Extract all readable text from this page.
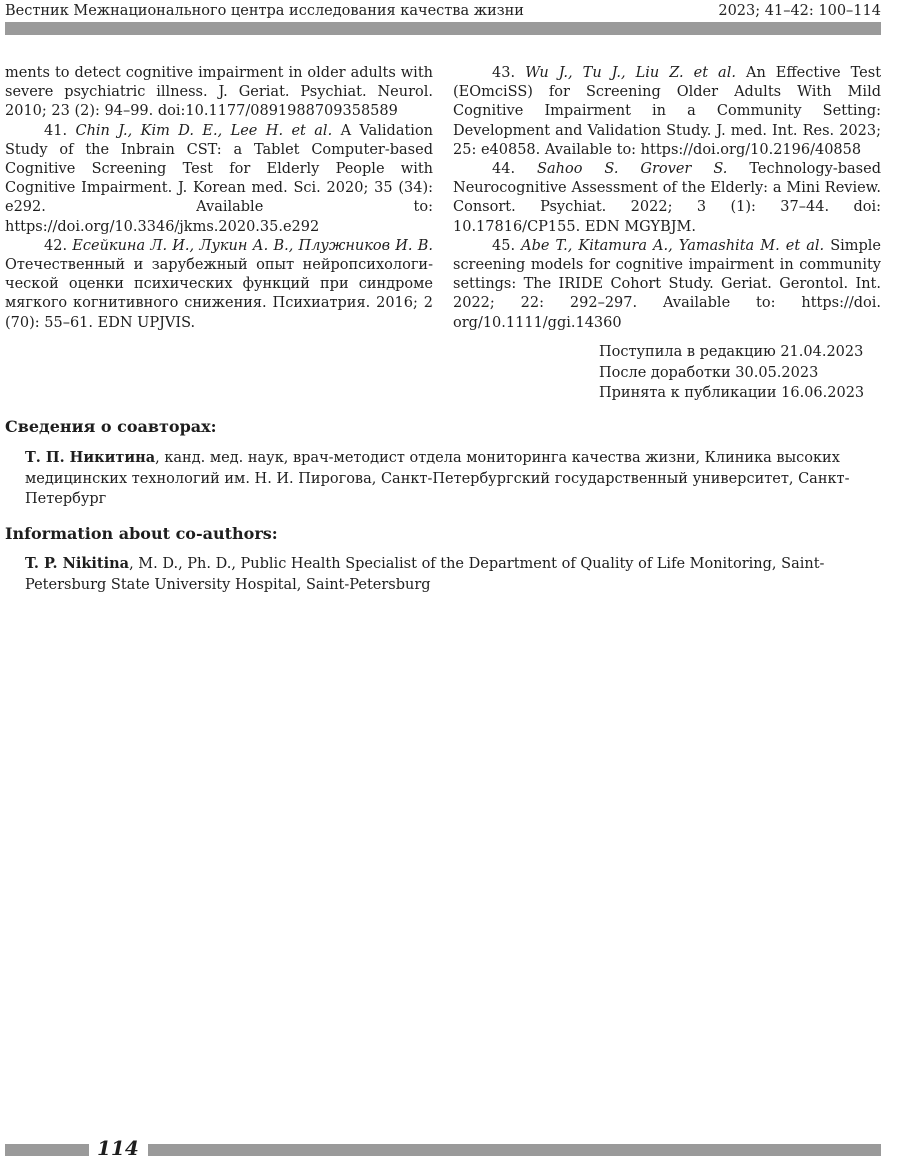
Вестник Межнационального центра исследования качества жизни	2023; 41–42: 100–114

ments to detect cognitive impairment in older adults with severe psychiatric illness. J. Geriat. Psychiat. Neurol. 2010; 23 (2): 94–99. doi:10.1177/0891988709358589

41. Chin J., Kim D. E., Lee H. et al. A Validation Study of the Inbrain CST: a Tablet Computer-based Cognitive Screening Test for Elderly People with Cognitive Impairment. J. Korean med. Sci. 2020; 35 (34): e292. Available to: https://doi.org/10.3346/jkms.2020.35.e292

42. Есейкина Л. И., Лукин А. В., Плужников И. В. Отечественный и зарубежный опыт нейропсихологической оценки психических функций при синдроме мягкого когнитивного снижения. Психиатрия. 2016; 2 (70): 55–61. EDN UPJVIS.

43. Wu J., Tu J., Liu Z. et al. An Effective Test (EOmciSS) for Screening Older Adults With Mild Cognitive Impairment in a Community Setting: Development and Validation Study. J. med. Int. Res. 2023; 25: e40858. Available to: https://doi.org/10.2196/40858

44. Sahoo S. Grover S. Technology-based Neurocognitive Assessment of the Elderly: a Mini Review. Consort. Psychiat. 2022; 3 (1): 37–44. doi: 10.17816/CP155. EDN MGYBJM.

45. Abe T., Kitamura A., Yamashita M. et al. Simple screening models for cognitive impairment in community settings: The IRIDE Cohort Study. Geriat. Gerontol. Int. 2022; 22: 292–297. Available to: https://doi. org/10.1111/ggi.14360

Поступила в редакцию 21.04.2023
После доработки 30.05.2023
Принята к публикации 16.06.2023
Сведения о соавторах:
Т. П. Никитина, канд. мед. наук, врач-методист отдела мониторинга качества жизни, Клиника высоких медицинских технологий им. Н. И. Пирогова, Санкт-Петербургский государственный университет, Санкт-Петербург
Information about co-authors:
T. P. Nikitina, M. D., Ph. D., Public Health Specialist of the Department of Quality of Life Monitoring, Saint-Petersburg State University Hospital, Saint-Petersburg
114
